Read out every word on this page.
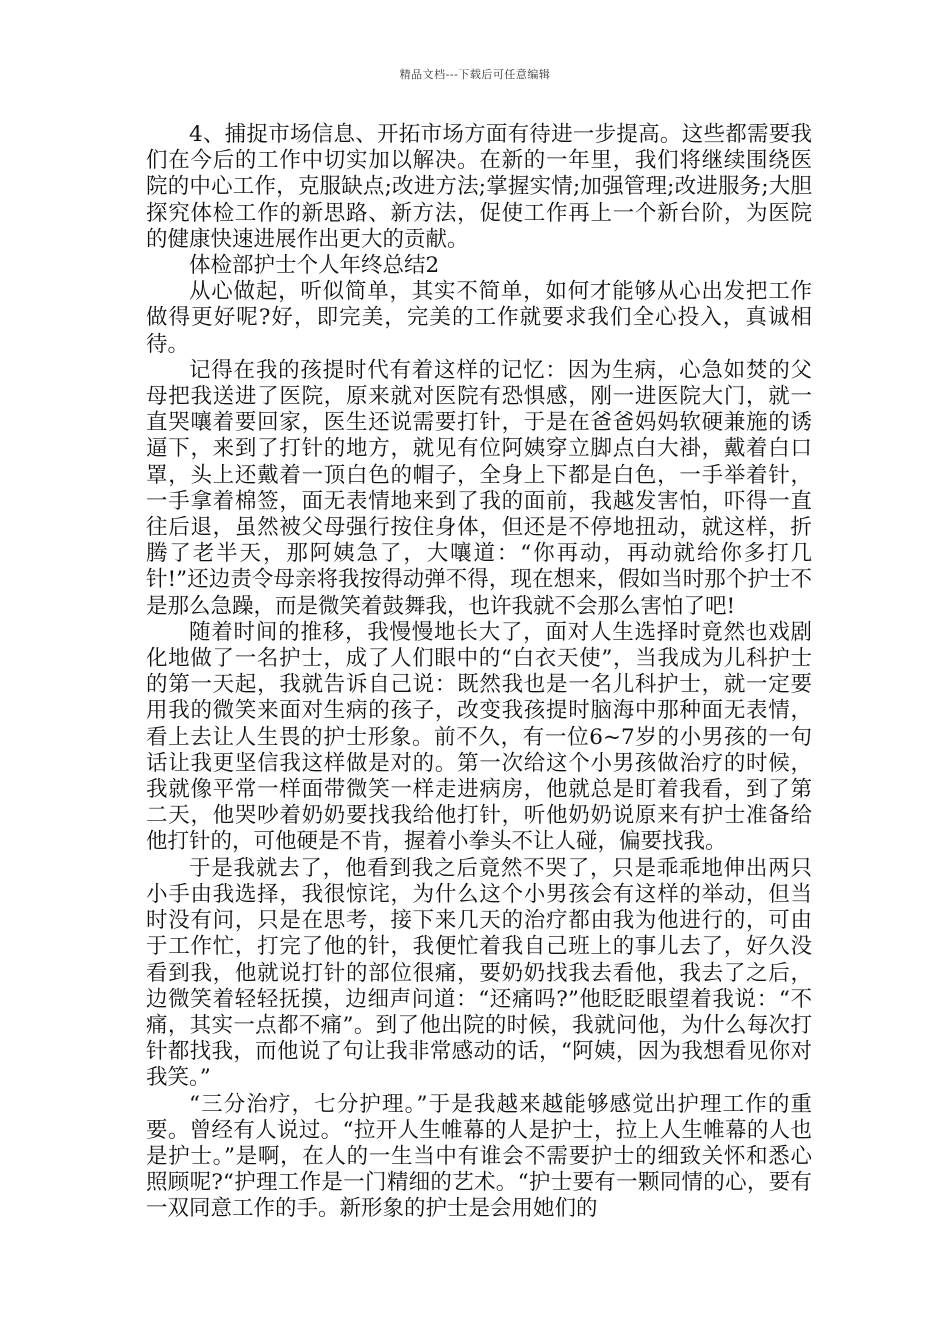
精品文档---下载后可任意编辑

4、捕捉市场信息、开拓市场方面有待进一步提高。这些都需要我们在今后的工作中切实加以解决。在新的一年里，我们将继续围绕医院的中心工作，克服缺点;改进方法;掌握实情;加强管理;改进服务;大胆探究体检工作的新思路、新方法，促使工作再上一个新台阶，为医院的健康快速进展作出更大的贡献。

体检部护士个人年终总结2

从心做起，听似简单，其实不简单，如何才能够从心出发把工作做得更好呢?好，即完美，完美的工作就要求我们全心投入，真诚相待。

记得在我的孩提时代有着这样的记忆：因为生病，心急如焚的父母把我送进了医院，原来就对医院有恐惧感，刚一进医院大门，就一直哭嚷着要回家，医生还说需要打针，于是在爸爸妈妈软硬兼施的诱逼下，来到了打针的地方，就见有位阿姨穿立脚点白大褂，戴着白口罩，头上还戴着一顶白色的帽子，全身上下都是白色，一手举着针，一手拿着棉签，面无表情地来到了我的面前，我越发害怕，吓得一直往后退，虽然被父母强行按住身体，但还是不停地扭动，就这样，折腾了老半天，那阿姨急了，大嚷道：“你再动，再动就给你多打几针!”还边责令母亲将我按得动弹不得，现在想来，假如当时那个护士不是那么急躁，而是微笑着鼓舞我，也许我就不会那么害怕了吧!

随着时间的推移，我慢慢地长大了，面对人生选择时竟然也戏剧化地做了一名护士，成了人们眼中的“白衣天使”，当我成为儿科护士的第一天起，我就告诉自己说：既然我也是一名儿科护士，就一定要用我的微笑来面对生病的孩子，改变我孩提时脑海中那种面无表情，看上去让人生畏的护士形象。前不久，有一位6~7岁的小男孩的一句话让我更坚信我这样做是对的。第一次给这个小男孩做治疗的时候，我就像平常一样面带微笑一样走进病房，他就总是盯着我看，到了第二天，他哭吵着奶奶要找我给他打针，听他奶奶说原来有护士准备给他打针的，可他硬是不肯，握着小拳头不让人碰，偏要找我。

于是我就去了，他看到我之后竟然不哭了，只是乖乖地伸出两只小手由我选择，我很惊诧，为什么这个小男孩会有这样的举动，但当时没有问，只是在思考，接下来几天的治疗都由我为他进行的，可由于工作忙，打完了他的针，我便忙着我自己班上的事儿去了，好久没看到我，他就说打针的部位很痛，要奶奶找我去看他，我去了之后，边微笑着轻轻抚摸，边细声问道：“还痛吗?”他眨眨眼望着我说：“不痛，其实一点都不痛”。到了他出院的时候，我就问他，为什么每次打针都找我，而他说了句让我非常感动的话，“阿姨，因为我想看见你对我笑。”

“三分治疗，七分护理。”于是我越来越能够感觉出护理工作的重要。曾经有人说过。“拉开人生帷幕的人是护士，拉上人生帷幕的人也是护士。”是啊，在人的一生当中有谁会不需要护士的细致关怀和悉心照顾呢?“护理工作是一门精细的艺术。“护士要有一颗同情的心，要有一双同意工作的手。新形象的护士是会用她们的
